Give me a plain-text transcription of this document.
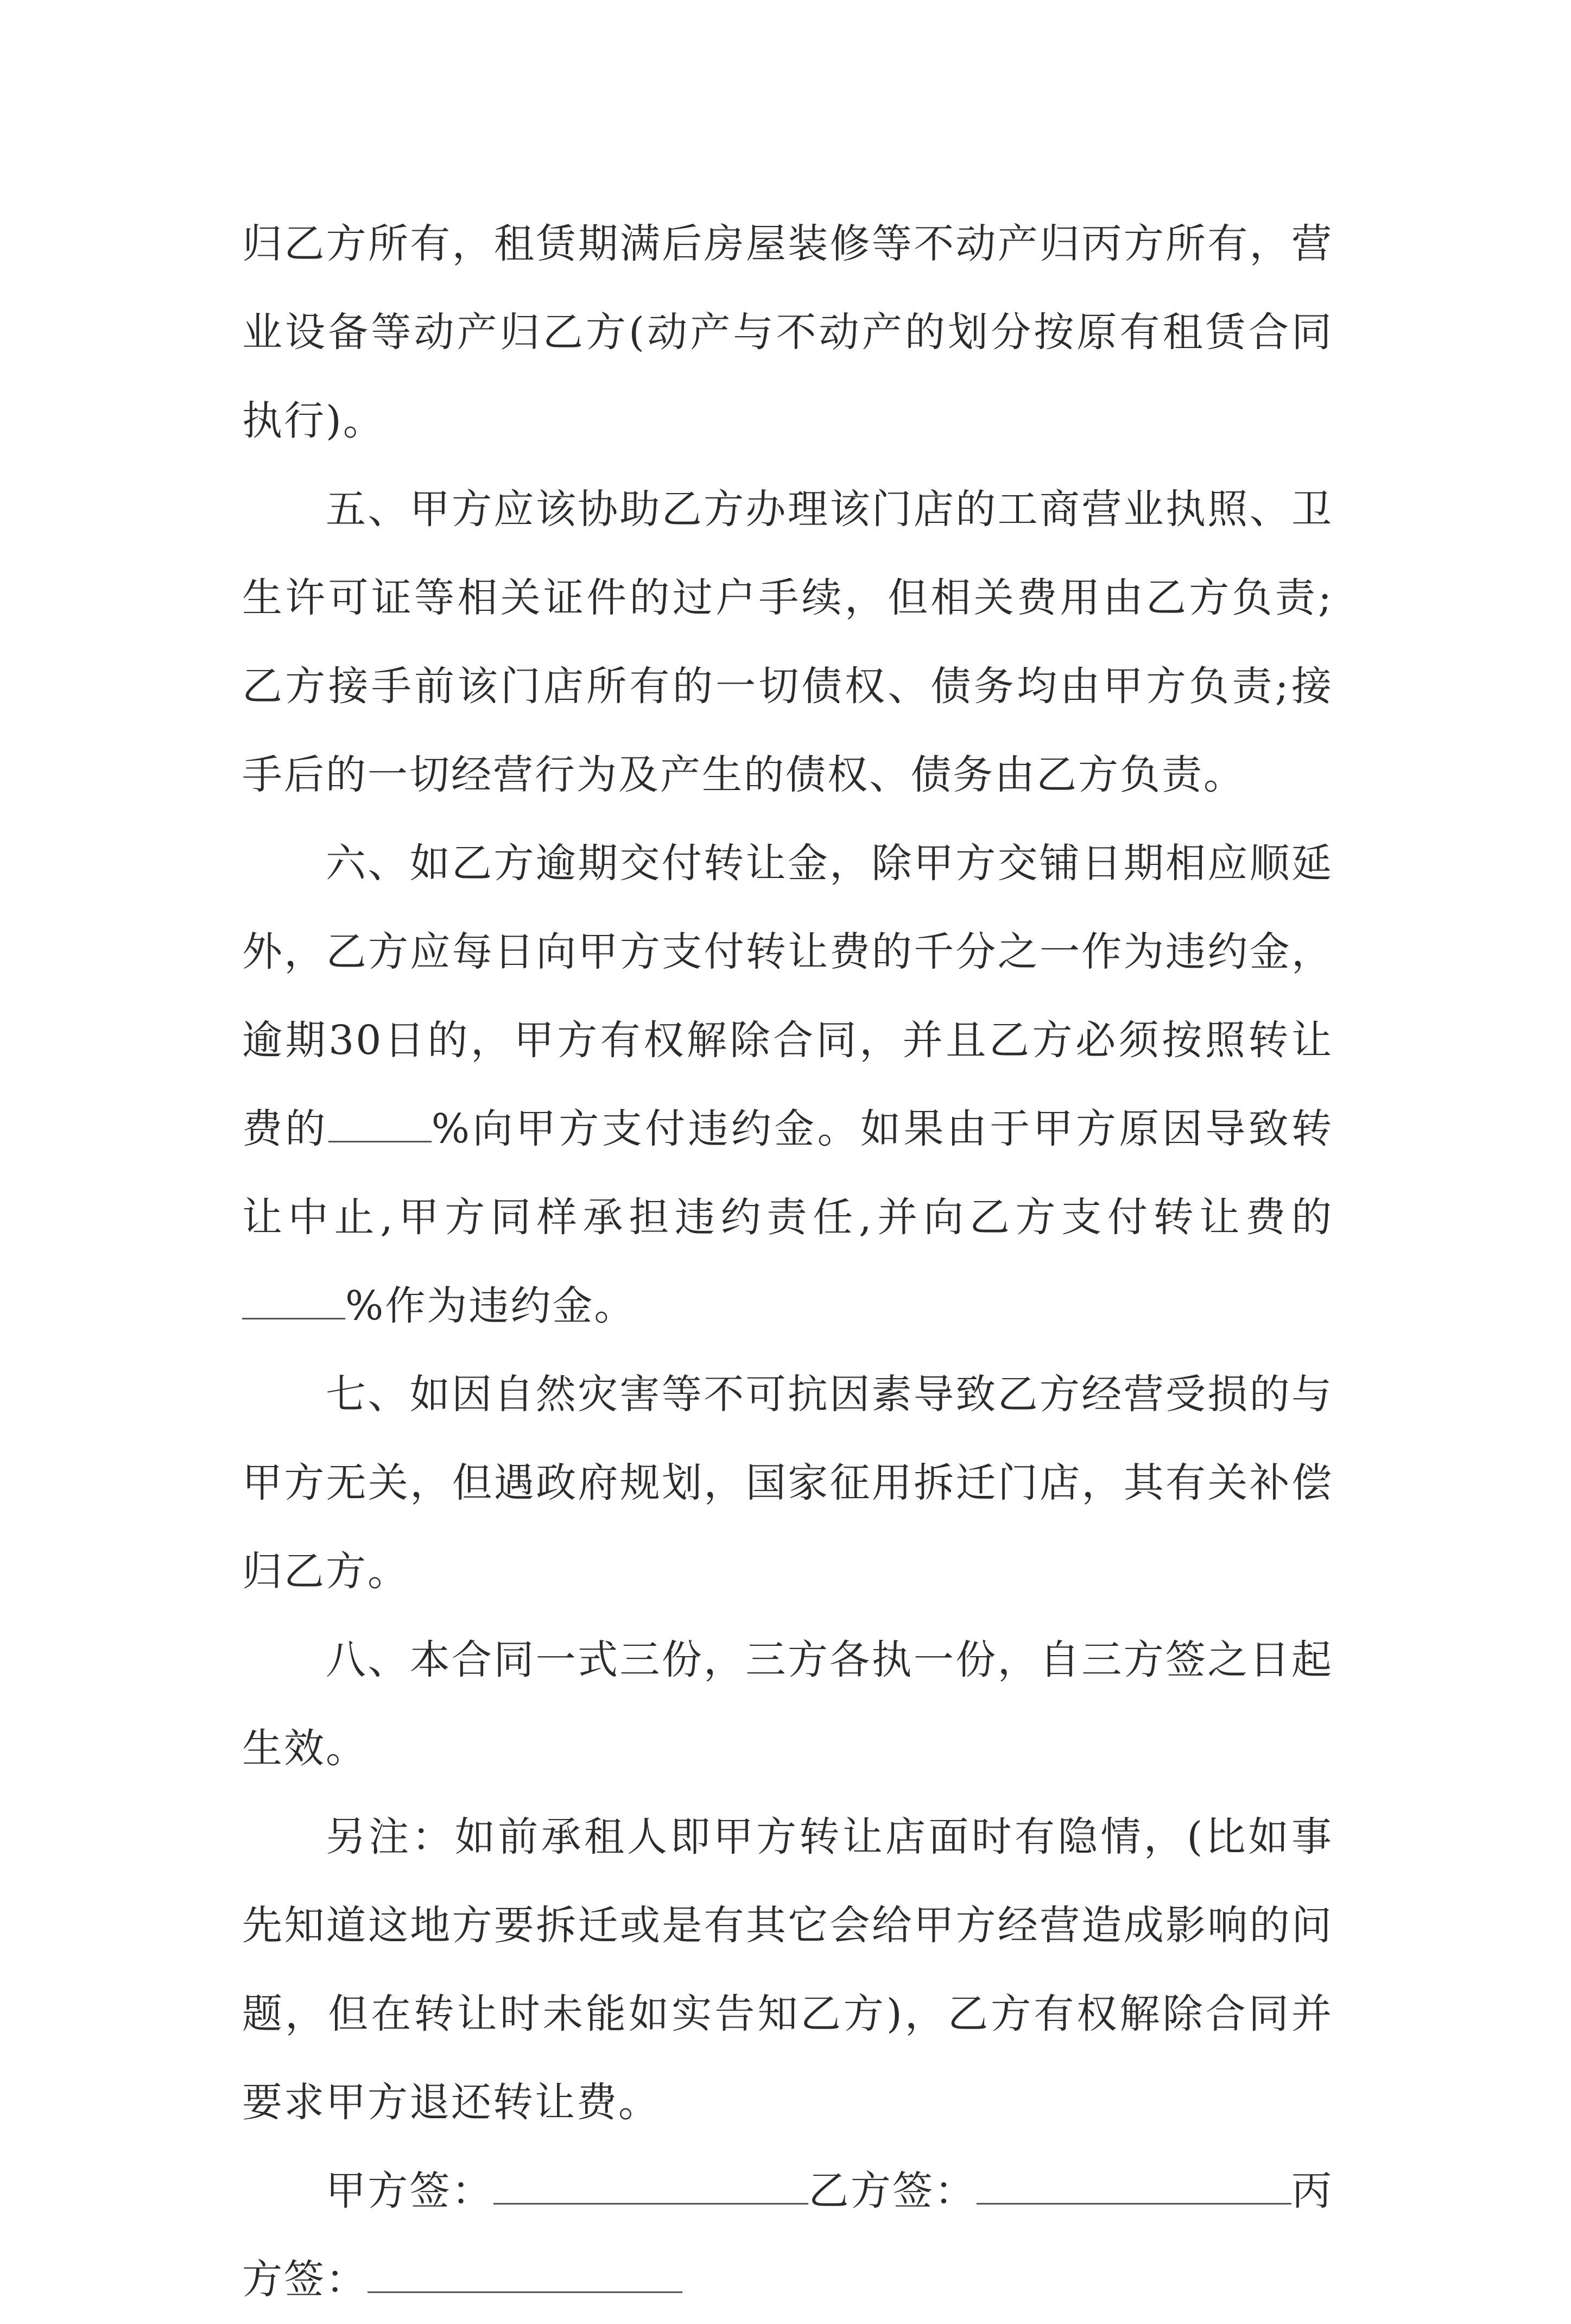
归乙方所有，租赁期满后房屋装修等不动产归丙方所有，营业设备等动产归乙方(动产与不动产的划分按原有租赁合同执行)。

五、甲方应该协助乙方办理该门店的工商营业执照、卫生许可证等相关证件的过户手续，但相关费用由乙方负责;乙方接手前该门店所有的一切债权、债务均由甲方负责;接手后的一切经营行为及产生的债权、债务由乙方负责。

六、如乙方逾期交付转让金，除甲方交铺日期相应顺延外，乙方应每日向甲方支付转让费的千分之一作为违约金，逾期30日的，甲方有权解除合同，并且乙方必须按照转让费的	%向甲方支付违约金。如果由于甲方原因导致转让中止,甲方同样承担违约责任,并向乙方支付转让费的%作为违约金。

七、如因自然灾害等不可抗因素导致乙方经营受损的与甲方无关，但遇政府规划，国家征用拆迁门店，其有关补偿归乙方。

八、本合同一式三份，三方各执一份，自三方签之日起生效。

另注：如前承租人即甲方转让店面时有隐情，(比如事先知道这地方要拆迁或是有其它会给甲方经营造成影响的问题，但在转让时未能如实告知乙方)，乙方有权解除合同并要求甲方退还转让费。

甲方签：	乙方签：	丙方签：
